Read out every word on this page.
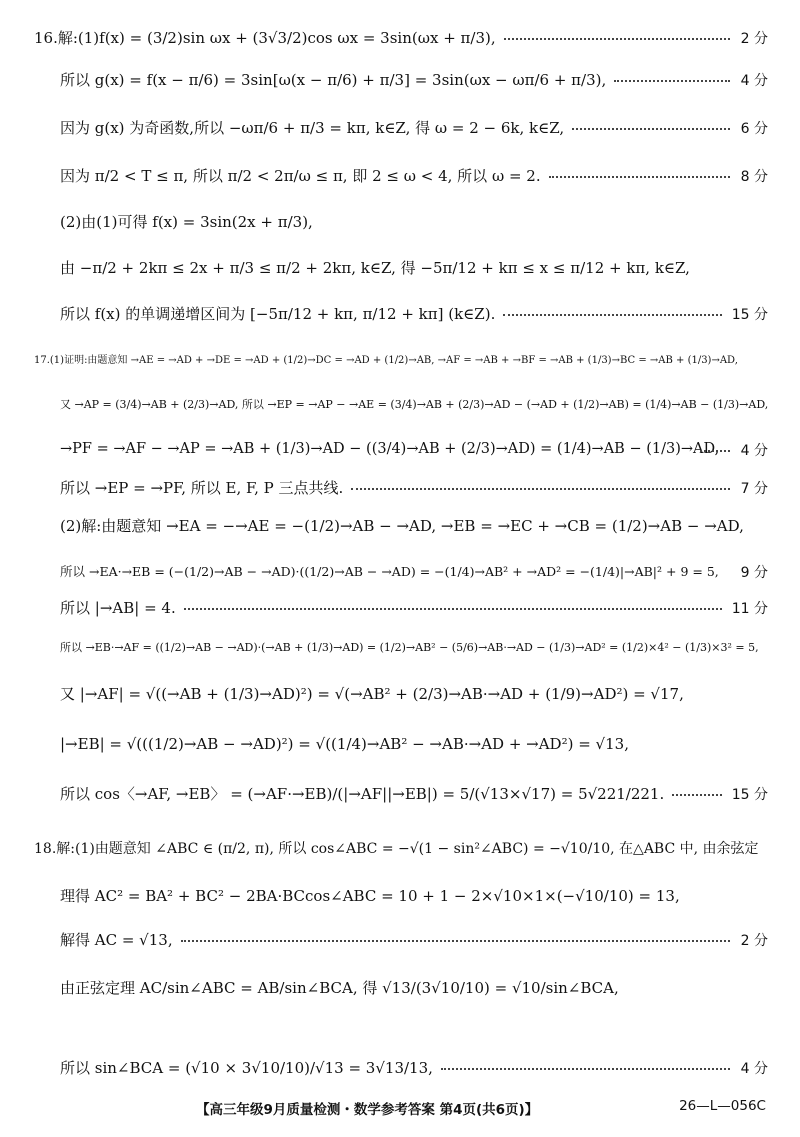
16.解:(1)f(x) = (3/2)sin ωx + (3√3/2)cos ωx = 3sin(ωx + π/3),	2 分
所以 g(x) = f(x − π/6) = 3sin[ω(x − π/6) + π/3] = 3sin(ωx − ωπ/6 + π/3),	4 分
因为 g(x) 为奇函数,所以 −ωπ/6 + π/3 = kπ, k∈Z, 得 ω = 2 − 6k, k∈Z,	6 分
因为 π/2 < T ≤ π, 所以 π/2 < 2π/ω ≤ π, 即 2 ≤ ω < 4, 所以 ω = 2.	8 分
(2)由(1)可得 f(x) = 3sin(2x + π/3),
由 −π/2 + 2kπ ≤ 2x + π/3 ≤ π/2 + 2kπ, k∈Z, 得 −5π/12 + kπ ≤ x ≤ π/12 + kπ, k∈Z,
所以 f(x) 的单调递增区间为 [−5π/12 + kπ, π/12 + kπ] (k∈Z).	15 分
17.(1)证明:由题意知 →AE = →AD + →DE = →AD + (1/2)→DC = →AD + (1/2)→AB, →AF = →AB + →BF = →AB + (1/3)→BC = →AB + (1/3)→AD,
又 →AP = (3/4)→AB + (2/3)→AD, 所以 →EP = →AP − →AE = (3/4)→AB + (2/3)→AD − (→AD + (1/2)→AB) = (1/4)→AB − (1/3)→AD,
→PF = →AF − →AP = →AB + (1/3)→AD − ((3/4)→AB + (2/3)→AD) = (1/4)→AB − (1/3)→AD, 4 分
所以 →EP = →PF, 所以 E, F, P 三点共线.	7 分
(2)解:由题意知 →EA = −→AE = −(1/2)→AB − →AD, →EB = →EC + →CB = (1/2)→AB − →AD,
所以 →EA·→EB = (−(1/2)→AB − →AD)·((1/2)→AB − →AD) = −(1/4)→AB² + →AD² = −(1/4)|→AB|² + 9 = 5, 9 分
所以 |→AB| = 4.	11 分
所以 →EB·→AF = ((1/2)→AB − →AD)·(→AB + (1/3)→AD) = (1/2)→AB² − (5/6)→AB·→AD − (1/3)→AD² = (1/2)×4² − (1/3)×3² = 5,
又 |→AF| = √((→AB + (1/3)→AD)²) = √(→AB² + (2/3)→AB·→AD + (1/9)→AD²) = √17,
|→EB| = √(((1/2)→AB − →AD)²) = √((1/4)→AB² − →AB·→AD + →AD²) = √13,
所以 cos〈→AF, →EB〉 = (→AF·→EB)/(|→AF||→EB|) = 5/(√13×√17) = 5√221/221.	15 分
18.解:(1)由题意知 ∠ABC ∈ (π/2, π), 所以 cos∠ABC = −√(1 − sin²∠ABC) = −√10/10, 在△ABC 中, 由余弦定
理得 AC² = BA² + BC² − 2BA·BCcos∠ABC = 10 + 1 − 2×√10×1×(−√10/10) = 13,
解得 AC = √13,	2 分
由正弦定理 AC/sin∠ABC = AB/sin∠BCA, 得 √13/(3√10/10) = √10/sin∠BCA,
所以 sin∠BCA = (√10 × 3√10/10)/√13 = 3√13/13,	4 分
【高三年级9月质量检测・数学参考答案 第4页(共6页)】	26—L—056C
